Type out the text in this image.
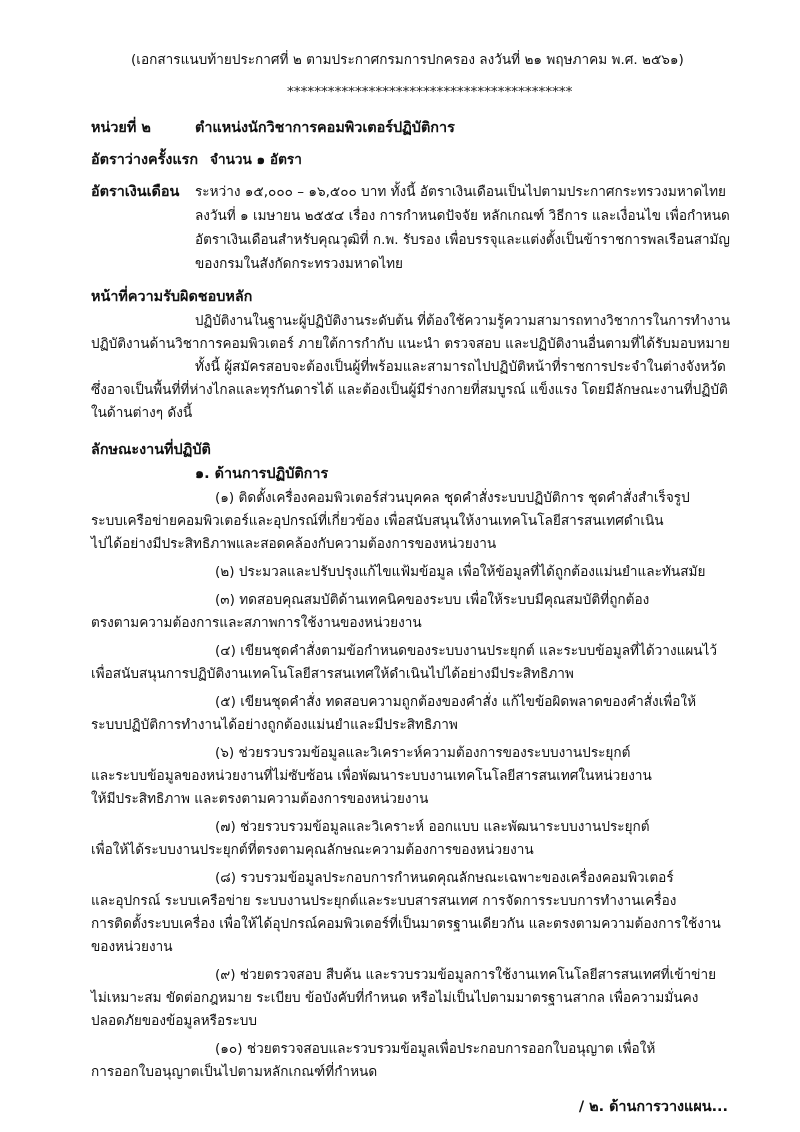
(เอกสารแนบท้ายประกาศที่ ๒ ตามประกาศกรมการปกครอง ลงวันที่ ๒๑ พฤษภาคม พ.ศ. ๒๕๖๑)
******************************************
หน่วยที่ ๒	ตำแหน่งนักวิชาการคอมพิวเตอร์ปฏิบัติการ
อัตราว่างครั้งแรก จำนวน ๑ อัตรา
อัตราเงินเดือน ระหว่าง ๑๕,๐๐๐ – ๑๖,๕๐๐ บาท ทั้งนี้ อัตราเงินเดือนเป็นไปตามประกาศกระทรวงมหาดไทย
ลงวันที่ ๑ เมษายน ๒๕๕๔ เรื่อง การกำหนดปัจจัย หลักเกณฑ์ วิธีการ และเงื่อนไข เพื่อกำหนด
อัตราเงินเดือนสำหรับคุณวุฒิที่ ก.พ. รับรอง เพื่อบรรจุและแต่งตั้งเป็นข้าราชการพลเรือนสามัญ
ของกรมในสังกัดกระทรวงมหาดไทย
หน้าที่ความรับผิดชอบหลัก
ปฏิบัติงานในฐานะผู้ปฏิบัติงานระดับต้น ที่ต้องใช้ความรู้ความสามารถทางวิชาการในการทำงาน
ปฏิบัติงานด้านวิชาการคอมพิวเตอร์ ภายใต้การกำกับ แนะนำ ตรวจสอบ และปฏิบัติงานอื่นตามที่ได้รับมอบหมาย
ทั้งนี้ ผู้สมัครสอบจะต้องเป็นผู้ที่พร้อมและสามารถไปปฏิบัติหน้าที่ราชการประจำในต่างจังหวัด
ซึ่งอาจเป็นพื้นที่ที่ห่างไกลและทุรกันดารได้ และต้องเป็นผู้มีร่างกายที่สมบูรณ์ แข็งแรง โดยมีลักษณะงานที่ปฏิบัติ
ในด้านต่างๆ ดังนี้
ลักษณะงานที่ปฏิบัติ
๑. ด้านการปฏิบัติการ
(๑) ติดตั้งเครื่องคอมพิวเตอร์ส่วนบุคคล ชุดคำสั่งระบบปฏิบัติการ ชุดคำสั่งสำเร็จรูป
ระบบเครือข่ายคอมพิวเตอร์และอุปกรณ์ที่เกี่ยวข้อง เพื่อสนับสนุนให้งานเทคโนโลยีสารสนเทศดำเนิน
ไปได้อย่างมีประสิทธิภาพและสอดคล้องกับความต้องการของหน่วยงาน
(๒) ประมวลและปรับปรุงแก้ไขแฟ้มข้อมูล เพื่อให้ข้อมูลที่ได้ถูกต้องแม่นยำและทันสมัย
(๓) ทดสอบคุณสมบัติด้านเทคนิคของระบบ เพื่อให้ระบบมีคุณสมบัติที่ถูกต้อง
ตรงตามความต้องการและสภาพการใช้งานของหน่วยงาน
(๔) เขียนชุดคำสั่งตามข้อกำหนดของระบบงานประยุกต์ และระบบข้อมูลที่ได้วางแผนไว้
เพื่อสนับสนุนการปฏิบัติงานเทคโนโลยีสารสนเทศให้ดำเนินไปได้อย่างมีประสิทธิภาพ
(๕) เขียนชุดคำสั่ง ทดสอบความถูกต้องของคำสั่ง แก้ไขข้อผิดพลาดของคำสั่งเพื่อให้
ระบบปฏิบัติการทำงานได้อย่างถูกต้องแม่นยำและมีประสิทธิภาพ
(๖) ช่วยรวบรวมข้อมูลและวิเคราะห์ความต้องการของระบบงานประยุกต์
และระบบข้อมูลของหน่วยงานที่ไม่ซับซ้อน เพื่อพัฒนาระบบงานเทคโนโลยีสารสนเทศในหน่วยงาน
ให้มีประสิทธิภาพ และตรงตามความต้องการของหน่วยงาน
(๗) ช่วยรวบรวมข้อมูลและวิเคราะห์ ออกแบบ และพัฒนาระบบงานประยุกต์
เพื่อให้ได้ระบบงานประยุกต์ที่ตรงตามคุณลักษณะความต้องการของหน่วยงาน
(๘) รวบรวมข้อมูลประกอบการกำหนดคุณลักษณะเฉพาะของเครื่องคอมพิวเตอร์
และอุปกรณ์ ระบบเครือข่าย ระบบงานประยุกต์และระบบสารสนเทศ การจัดการระบบการทำงานเครื่อง
การติดตั้งระบบเครื่อง เพื่อให้ได้อุปกรณ์คอมพิวเตอร์ที่เป็นมาตรฐานเดียวกัน และตรงตามความต้องการใช้งาน
ของหน่วยงาน
(๙) ช่วยตรวจสอบ สืบค้น และรวบรวมข้อมูลการใช้งานเทคโนโลยีสารสนเทศที่เข้าข่าย
ไม่เหมาะสม ขัดต่อกฎหมาย ระเบียบ ข้อบังคับที่กำหนด หรือไม่เป็นไปตามมาตรฐานสากล เพื่อความมั่นคง
ปลอดภัยของข้อมูลหรือระบบ
(๑๐) ช่วยตรวจสอบและรวบรวมข้อมูลเพื่อประกอบการออกใบอนุญาต เพื่อให้
การออกใบอนุญาตเป็นไปตามหลักเกณฑ์ที่กำหนด
/ ๒. ด้านการวางแผน...
